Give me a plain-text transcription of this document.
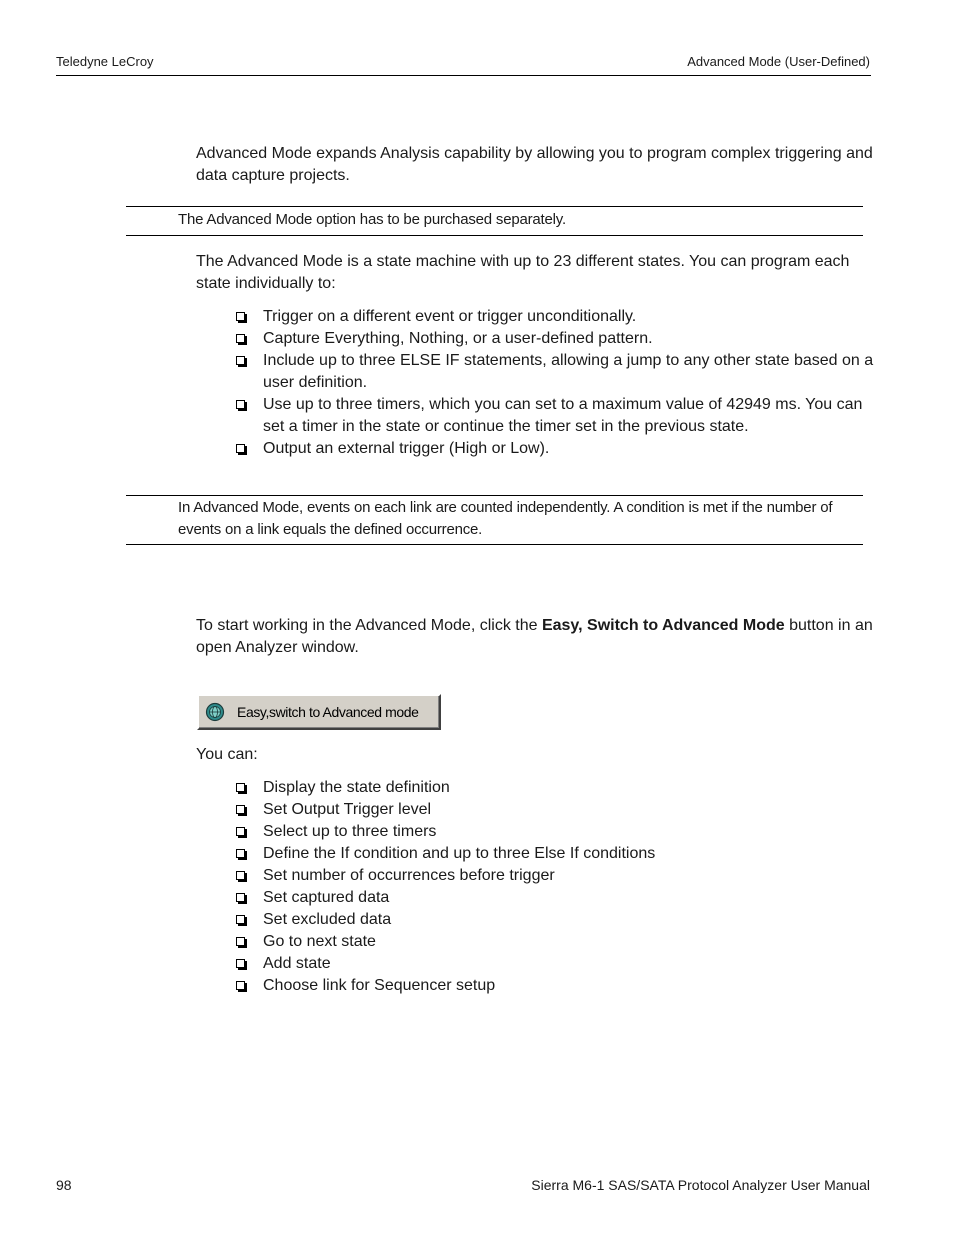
Teledyne LeCroy	Advanced Mode (User-Defined)
Advanced Mode expands Analysis capability by allowing you to program complex triggering and data capture projects.
The Advanced Mode option has to be purchased separately.
The Advanced Mode is a state machine with up to 23 different states. You can program each state individually to:
Trigger on a different event or trigger unconditionally.
Capture Everything, Nothing, or a user-defined pattern.
Include up to three ELSE IF statements, allowing a jump to any other state based on a user definition.
Use up to three timers, which you can set to a maximum value of 42949 ms. You can set a timer in the state or continue the timer set in the previous state.
Output an external trigger (High or Low).
In Advanced Mode, events on each link are counted independently. A condition is met if the number of events on a link equals the defined occurrence.
To start working in the Advanced Mode, click the Easy, Switch to Advanced Mode button in an open Analyzer window.
Easy,switch to Advanced mode
You can:
Display the state definition
Set Output Trigger level
Select up to three timers
Define the If condition and up to three Else If conditions
Set number of occurrences before trigger
Set captured data
Set excluded data
Go to next state
Add state
Choose link for Sequencer setup
98	Sierra M6-1 SAS/SATA Protocol Analyzer User Manual
